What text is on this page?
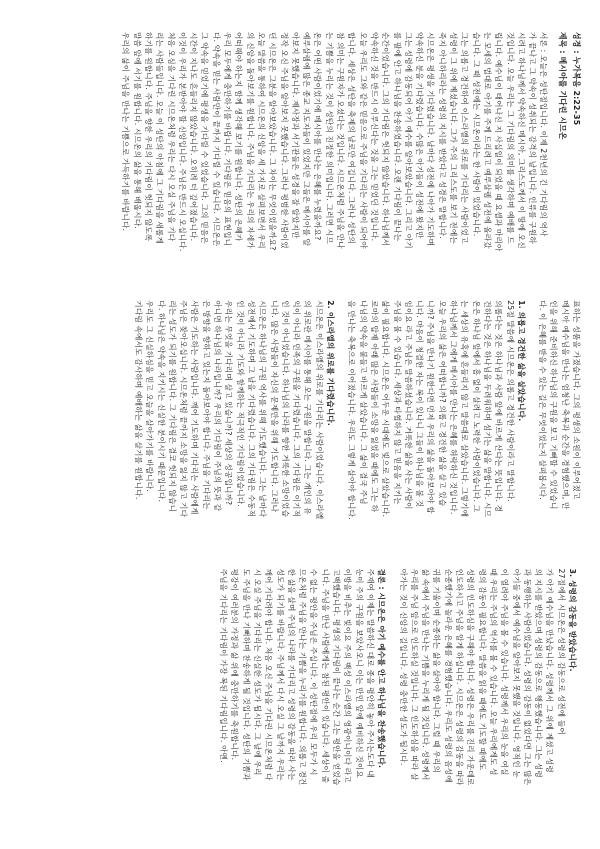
성경 : 누가복음 2:22-35
제목 : 메시아를 기다린 시므온
서론 : 오늘은 성탄절입니다. 이제 2천년의 긴 기다림의 역사
가 끝나고 그 약속이 성취되는 감격의 날입니다. 인류를 구원하
시려고 하나님께서 약속하신 메시아, 그리스도께서 이 땅에 오신
것입니다. 오늘 우리는 그 기다림의 의미를 생각하며 예배를 드
립니다. 예수님이 태어나신 지 사십일이 되었을 때 요셉과 마리아
는 모세의 법대로 아기를 주께 드리려고 예루살렘 성전에 올라갔
습니다. 그 때 성전에는 시므온이라는 한 사람이 있었습니다.
그는 의롭고 경건하여 이스라엘의 위로를 기다리는 사람이었고
성령이 그 위에 계셨습니다. 그가 주의 그리스도를 보기 전에는
죽지 아니하리라는 성령의 지시를 받았다고 성경은 말합니다.
시므온은 평생을 기다렸습니다. 날마다 성전에 나아가 기도하며
약속하신 분을 기다렸습니다. 수많은 아기들이 성전에 왔지만
그는 성령에 감동되어 아기 예수를 알아보았습니다. 그리고 아기
를 팔에 안고 하나님을 찬송하였습니다. 오랜 기다림이 끝나는
순간이었습니다. 그의 기다림은 헛되지 않았습니다. 하나님께서
약속하신 것을 반드시 이루신다는 것을 그는 믿었던 것입니다.
오늘 우리도 그와 같은 믿음으로 주님을 기다리는 사람이 되어야
합니다. 세상은 성탄을 축제의 날로만 여깁니다. 그러나 성탄의
참 의미는 구원자가 오셨다는 것입니다. 시므온처럼 주님을 만나
는 기쁨을 누리는 것이 성탄의 진정한 의미입니다. 그러면 시므
온은 어떤 사람이었기에 메시아를 만나는 은혜를 누렸을까요?
예루살렘에 많은 종교 지도자들이 있었지만 그들은 메시아를 알
아보지 못했습니다. 제사장과 서기관들은 성경을 잘 알았지만
정작 오신 주님을 알아보지 못했습니다. 그러나 평범한 사람이었
던 시므온은 그분을 알아보았습니다. 그 차이는 무엇이었을까요?
오늘 말씀을 통하여 시므온의 신앙을 세 가지로 살펴보면서 우리
의 신앙을 돌아보기를 원합니다. 주님을 기다리는 우리의 자세가
어떠해야 하는지 함께 생각해 보기를 원합니다. 성탄의 은혜가
우리 모두에게 충만하기를 바랍니다. 기다림은 믿음의 표현입니
다. 약속을 믿는 사람만이 끝까지 기다릴 수 있습니다. 시므온은
그 약속을 믿었기에 평생을 기다릴 수 있었습니다. 그의 믿음은
시간이 지나도 흔들리지 않았습니다. 오히려 더 깊어졌습니다.
이것이 우리가 본받아야 할 신앙입니다. 주님은 반드시 오십니다.
처음 오심을 기다린 시므온처럼 우리는 다시 오실 주님을 기다
리는 사람들입니다. 오늘 이 성탄의 아침에 그 기다림을 새롭게
하기를 원합니다. 주님을 향한 우리의 기다림이 헛되지 않도록
말씀 앞에 서기를 원합니다. 시므온의 삶을 통해 배웁시다.
우리의 삶이 주님을 만나는 기쁨으로 가득하기를 바랍니다.
표하는 성품을 가졌습니다. 그의 평생의 소원이 이루어졌고
메시아 예수님을 만나는 엄청난 축복과 순간을 경험했으며, 만
인을 위해 준비하신 하나님의 구원을 보고 기뻐할 수 있었습니
다. 이 은혜를 받을 수 있는 길은 무엇이었는지 살펴봅시다.
1. 의롭고 경건한 삶을 살았습니다.
25절 말씀에 시므온은 의롭고 경건한 사람이라고 말합니다.
의롭다는 것은 하나님과 사람 앞에 바르게 산다는 뜻입니다. 경
건하다는 것은 하나님을 두려워하며 섬기는 삶을 말합니다. 시므
온은 하나님 앞에서 흠 없이 살려고 노력한 사람이었습니다. 그
는 세상의 유혹에 흔들리지 않고 말씀대로 살았습니다. 그렇기에
하나님께서 그에게 메시아를 만나는 은혜를 허락하신 것입니다.
오늘 우리의 삶은 어떠합니까? 의롭고 경건한 삶을 살고 있습
니까? 주님을 만나기 원한다면 먼저 우리의 삶을 돌아보아야 합
니다. 마음이 청결한 자는 복이 있나니 그들이 하나님을 볼 것
임이요 라고 주님은 말씀하셨습니다. 거룩한 삶을 사는 사람이
주님을 볼 수 있습니다. 세상과 타협하지 않고 믿음을 지키는
삶이 필요합니다. 시므온은 어두운 시대에도 빛으로 살았습니다.
로마의 압제 아래 많은 사람들이 소망을 잃었을 때에도 그는 하
나님의 약속을 붙들고 바르게 살았습니다. 그 삶이 결국 주님
을 만나는 축복으로 이어졌습니다. 우리도 그렇게 살아야 합니다.
2. 이스라엘의 위로를 기다렸습니다.
시므온은 이스라엘의 위로를 기다리는 사람이었습니다. 이스라엘
의 위로란 메시아를 통해 오는 구원을 말합니다. 그는 개인의 유
익이 아니라 민족의 구원을 기다렸습니다. 그의 기다림은 이기적
인 것이 아니었습니다. 하나님의 나라를 향한 거룩한 소망이었습
니다. 많은 사람들이 자신의 문제만을 위해 기도합니다. 그러나
시므온은 하나님의 구원 역사를 위해 기도했습니다. 그는 날마다
성전에서 기도하며 그 날을 기다렸습니다. 그의 기다림은 수동적
인 것이 아니라 기도와 함께하는 적극적인 기다림이었습니다.
우리는 무엇을 기다리며 살고 있습니까? 세상의 성공입니까?
아니면 하나님의 나라입니까? 우리의 기다림이 주님의 뜻과 같
은 방향을 향하고 있는지 돌아보아야 합니다. 주님을 기다리는
사람은 기도하는 사람입니다. 깨어 기도하며 기다리는 사람에게
주님은 찾아오십니다. 시므온처럼 끝까지 소망을 잃지 않고 기다
리는 성도가 되기를 원합니다. 그 기다림은 결코 헛되지 않습니
다. 하나님은 약속을 지키시는 신실한 분이시기 때문입니다.
우리도 그 신실하심을 믿고 오늘을 살아가기를 바랍니다.
기다림 속에서도 감사하며 예배하는 삶을 살기를 원합니다.
3. 성령의 감동을 받았습니다.
27절에서 시므온은 성령의 감동으로 성전에 들어
가 아기 예수님을 만났습니다. 성령께서 그 위에 계셨고 성령
의 지시를 받았으며 성령의 감동으로 행동했습니다. 그는 성령
과 동행하는 사람이었습니다. 성령의 감동이 없었다면 그는 많은
아기들 중에서 예수님을 알아보지 못했을 것입니다. 영적인 눈
이 열려야 주님을 볼 수 있습니다. 성령께서 우리의 눈을 여실
때 우리는 주님의 역사를 볼 수 있습니다. 오늘 우리에게도 성
령의 감동이 필요합니다. 말씀을 읽을 때에도 기도할 때에도
성령의 인도하심을 구해야 합니다. 성령은 우리를 진리 가운데로
인도하시고 주님을 알게 하십니다. 시므온은 성령의 감동을 따라
순종했기에 놀라운 은혜를 경험했습니다. 우리도 성령의 음성에
귀를 기울이며 순종하는 삶을 살아야 합니다. 그럴 때 우리의
삶 속에서 주님을 만나는 기쁨을 누리게 될 것입니다. 성령께서
우리를 주님 앞으로 인도하실 것입니다. 그 인도하심을 따라 살
아가는 것이 신앙의 길입니다. 성령 충만한 성도가 됩시다.
결론 : 시므온은 아기 예수를 안고 하나님을 찬송했습니다.
주재여 이제는 말씀하신 대로 종을 평안히 놓아 주시는도다 내
눈이 주의 구원을 보았사오니 이는 만민 앞에 예비하신 것이요
이방을 비추는 빛이요 주의 백성 이스라엘의 영광이니이다 라고
고백했습니다. 평생의 기다림이 끝나는 순간 그는 평안을 얻었습
니다. 주님을 만난 사람에게는 참된 평안이 있습니다. 세상이 줄
수 없는 평안을 주님은 주십니다. 이 성탄절에 우리 모두가 시
므온처럼 주님을 만나는 기쁨을 누리기를 원합니다. 의롭고 경건
한 삶을 살며 주님의 나라를 기다리고 성령의 감동을 따라 사는
성도가 되기를 바랍니다. 주님께서 다시 오실 그 날까지 우리는
깨어 기다려야 합니다. 처음 오신 주님을 기다린 시므온처럼 다
시 오실 주님을 기다리는 신실한 성도가 됩시다. 그 날에 우리
도 주님을 만나 기뻐하며 찬송하게 될 것입니다. 성탄의 기쁨과
평강이 여러분의 가정과 삶 위에 충만하기를 축원합니다.
주님을 기다리는 기다림이 가장 복된 기다림입니다. 아멘.
